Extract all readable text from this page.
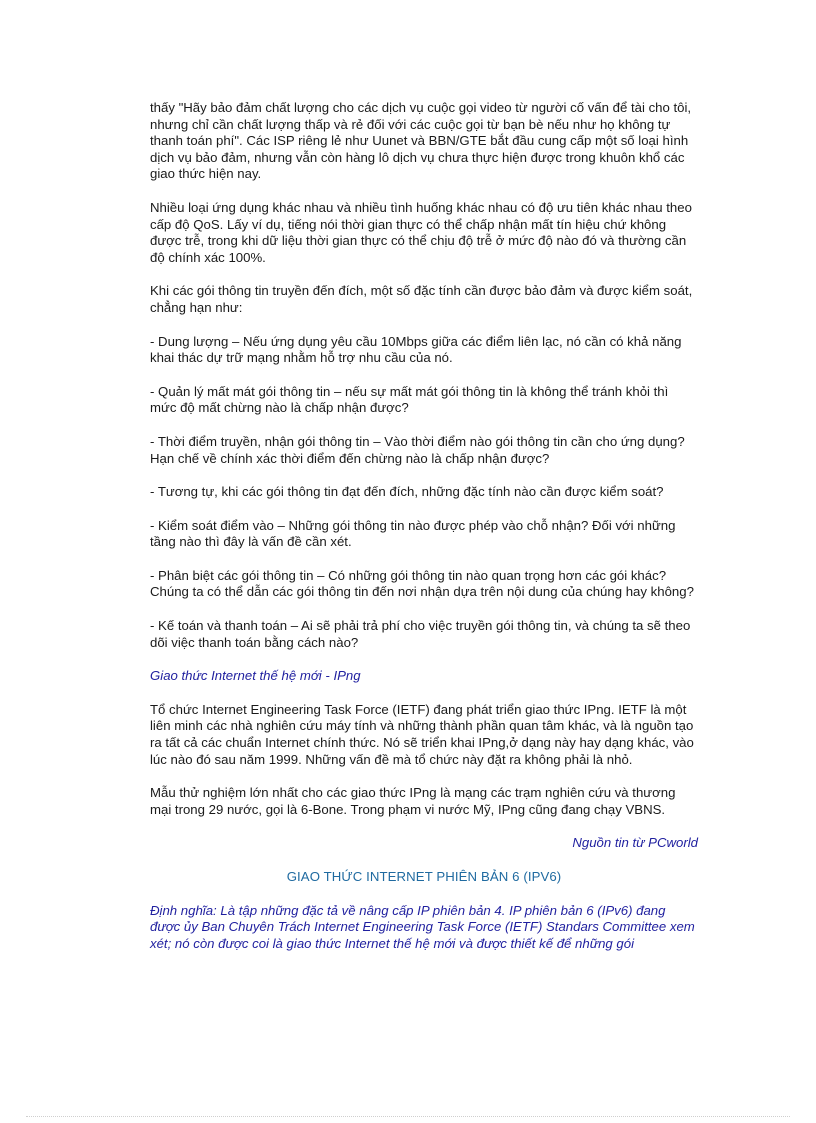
thấy "Hãy bảo đảm chất lượng cho các dịch vụ cuộc gọi video từ người cố vấn để tài cho tôi, nhưng chỉ cần chất lượng thấp và rẻ đối với các cuộc gọi từ bạn bè nếu như họ không tự thanh toán phí". Các ISP riêng lẻ như Uunet và BBN/GTE bắt đầu cung cấp một số loại hình dịch vụ bảo đảm, nhưng vẫn còn hàng lô dịch vụ chưa thực hiện được trong khuôn khổ các giao thức hiện nay.

Nhiều loại ứng dụng khác nhau và nhiều tình huống khác nhau có độ ưu tiên khác nhau theo cấp độ QoS. Lấy ví dụ, tiếng nói thời gian thực có thể chấp nhận mất tín hiệu chứ không được trễ, trong khi dữ liệu thời gian thực có thể chịu độ trễ ở mức độ nào đó và thường cần độ chính xác 100%.

Khi các gói thông tin truyền đến đích, một số đặc tính cần được bảo đảm và được kiểm soát, chẳng hạn như:

- Dung lượng – Nếu ứng dụng yêu cầu 10Mbps giữa các điểm liên lạc, nó cần có khả năng khai thác dự trữ mạng nhằm hỗ trợ nhu cầu của nó.

- Quản lý mất mát gói thông tin – nếu sự mất mát gói thông tin là không thể tránh khỏi thì mức độ mất chừng nào là chấp nhận được?

- Thời điểm truyền, nhận gói thông tin – Vào thời điểm nào gói thông tin cần cho ứng dụng? Hạn chế về chính xác thời điểm đến chừng nào là chấp nhận được?

- Tương tự, khi các gói thông tin đạt đến đích, những đặc tính nào cần được kiểm soát?

- Kiểm soát điểm vào – Những gói thông tin nào được phép vào chỗ nhận? Đối với những tầng nào thì đây là vấn đề cần xét.

- Phân biệt các gói thông tin – Có những gói thông tin nào quan trọng hơn các gói khác? Chúng ta có thể dẫn các gói thông tin đến nơi nhận dựa trên nội dung của chúng hay không?

- Kế toán và thanh toán – Ai sẽ phải trả phí cho việc truyền gói thông tin, và chúng ta sẽ theo dõi việc thanh toán bằng cách nào?

Giao thức Internet thế hệ mới - IPng

Tổ chức Internet Engineering Task Force (IETF) đang phát triển giao thức IPng. IETF là một liên minh các nhà nghiên cứu máy tính và những thành phần quan tâm khác, và là nguồn tạo ra tất cả các chuẩn Internet chính thức. Nó sẽ triển khai IPng,ở dạng này hay dạng khác, vào lúc nào đó sau năm 1999. Những vấn đề mà tổ chức này đặt ra không phải là nhỏ.

Mẫu thử nghiệm lớn nhất cho các giao thức IPng là mạng các trạm nghiên cứu và thương mại trong 29 nước, gọi là 6-Bone. Trong phạm vi nước Mỹ, IPng cũng đang chạy VBNS.

Nguồn tin từ PCworld

GIAO THỨC INTERNET PHIÊN BẢN 6 (IPV6)

Định nghĩa: Là tập những đặc tả về nâng cấp IP phiên bản 4. IP phiên bản 6 (IPv6) đang được ủy Ban Chuyên Trách Internet Engineering Task Force (IETF) Standars Committee xem xét; nó còn được coi là giao thức Internet thế hệ mới và được thiết kế để những gói
